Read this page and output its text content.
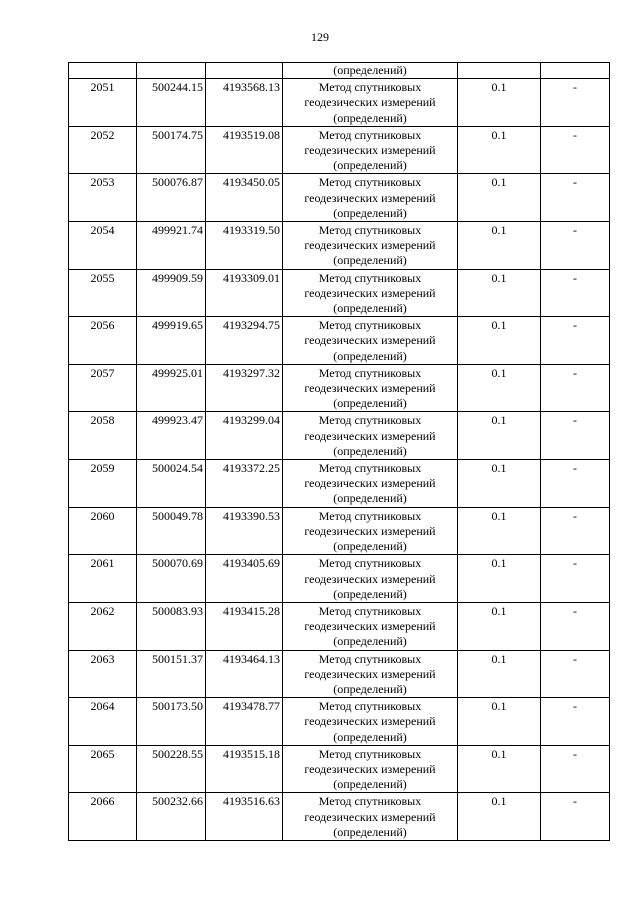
129
			(определений)		
2051	500244.15	4193568.13	Метод спутниковых
геодезических измерений
(определений)	0.1	-
2052	500174.75	4193519.08	Метод спутниковых
геодезических измерений
(определений)	0.1	-
2053	500076.87	4193450.05	Метод спутниковых
геодезических измерений
(определений)	0.1	-
2054	499921.74	4193319.50	Метод спутниковых
геодезических измерений
(определений)	0.1	-
2055	499909.59	4193309.01	Метод спутниковых
геодезических измерений
(определений)	0.1	-
2056	499919.65	4193294.75	Метод спутниковых
геодезических измерений
(определений)	0.1	-
2057	499925.01	4193297.32	Метод спутниковых
геодезических измерений
(определений)	0.1	-
2058	499923.47	4193299.04	Метод спутниковых
геодезических измерений
(определений)	0.1	-
2059	500024.54	4193372.25	Метод спутниковых
геодезических измерений
(определений)	0.1	-
2060	500049.78	4193390.53	Метод спутниковых
геодезических измерений
(определений)	0.1	-
2061	500070.69	4193405.69	Метод спутниковых
геодезических измерений
(определений)	0.1	-
2062	500083.93	4193415.28	Метод спутниковых
геодезических измерений
(определений)	0.1	-
2063	500151.37	4193464.13	Метод спутниковых
геодезических измерений
(определений)	0.1	-
2064	500173.50	4193478.77	Метод спутниковых
геодезических измерений
(определений)	0.1	-
2065	500228.55	4193515.18	Метод спутниковых
геодезических измерений
(определений)	0.1	-
2066	500232.66	4193516.63	Метод спутниковых
геодезических измерений
(определений)	0.1	-
